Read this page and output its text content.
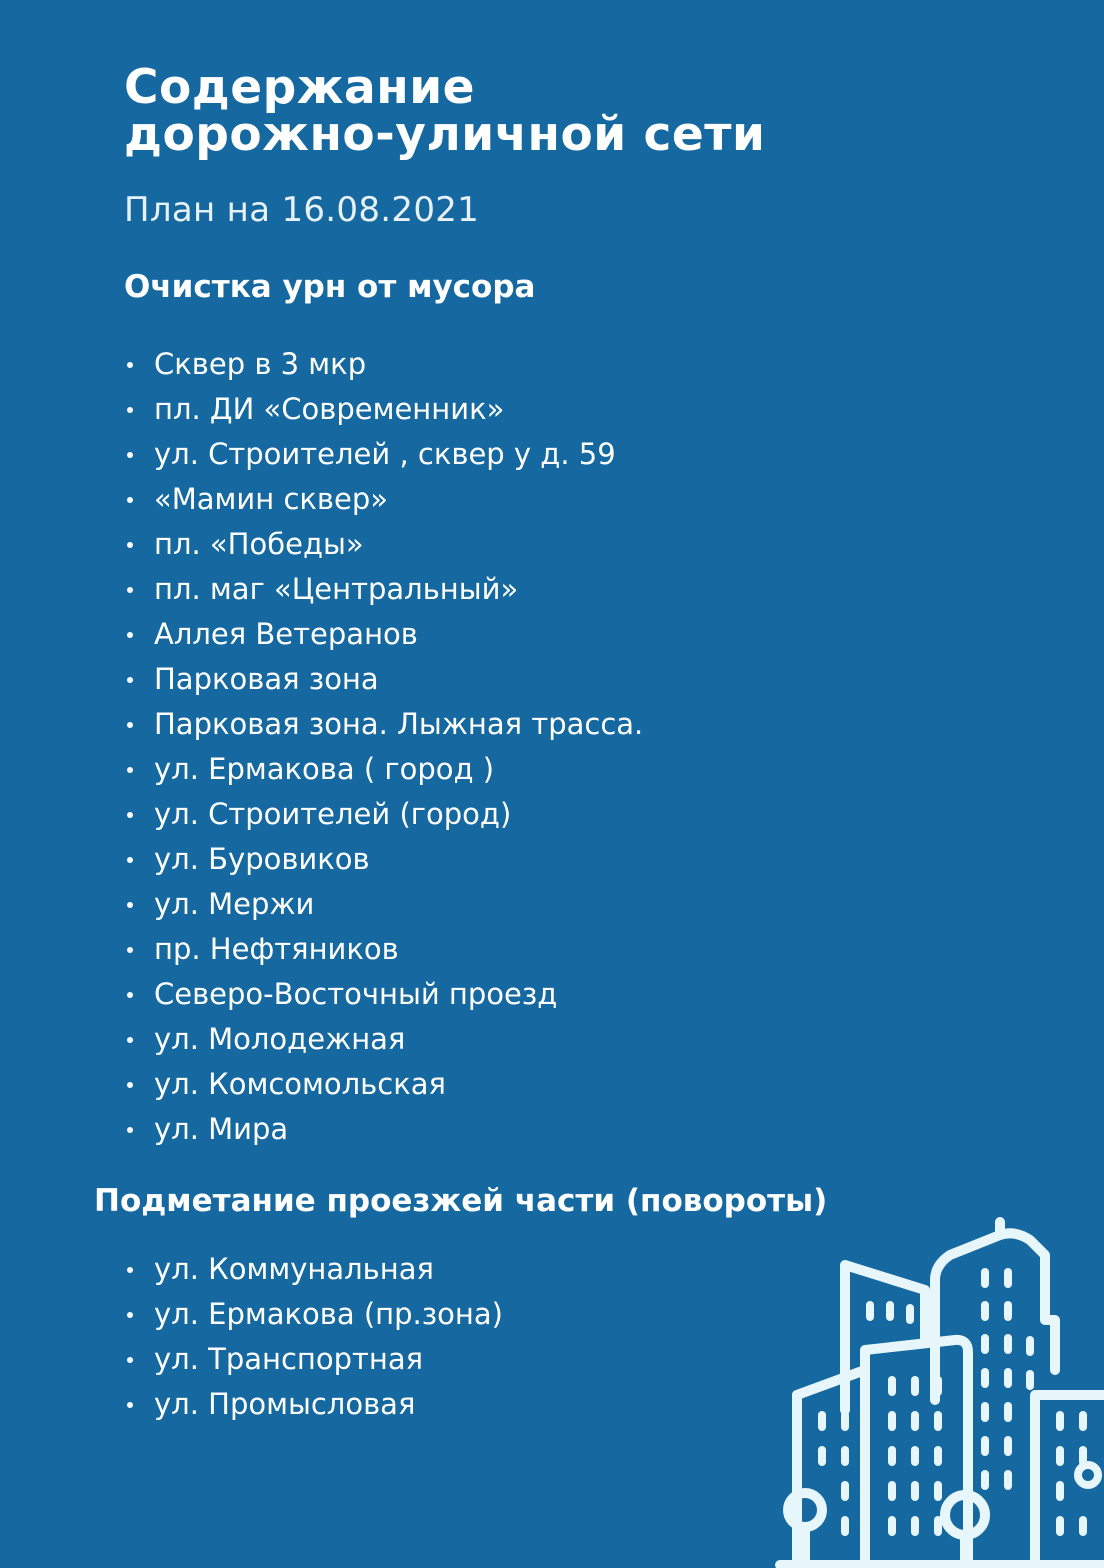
Содержание
дорожно-уличной сети
План на 16.08.2021
Очистка урн от мусора
Сквер в 3 мкр
пл. ДИ «Современник»
ул. Строителей , сквер у д. 59
«Мамин сквер»
пл. «Победы»
пл. маг «Центральный»
Аллея Ветеранов
Парковая зона
Парковая зона. Лыжная трасса.
ул. Ермакова ( город )
ул. Строителей (город)
ул. Буровиков
ул. Мержи
пр. Нефтяников
Северо-Восточный проезд
ул. Молодежная
ул. Комсомольская
ул. Мира
Подметание проезжей части (повороты)
ул. Коммунальная
ул. Ермакова (пр.зона)
ул. Транспортная
ул. Промысловая
